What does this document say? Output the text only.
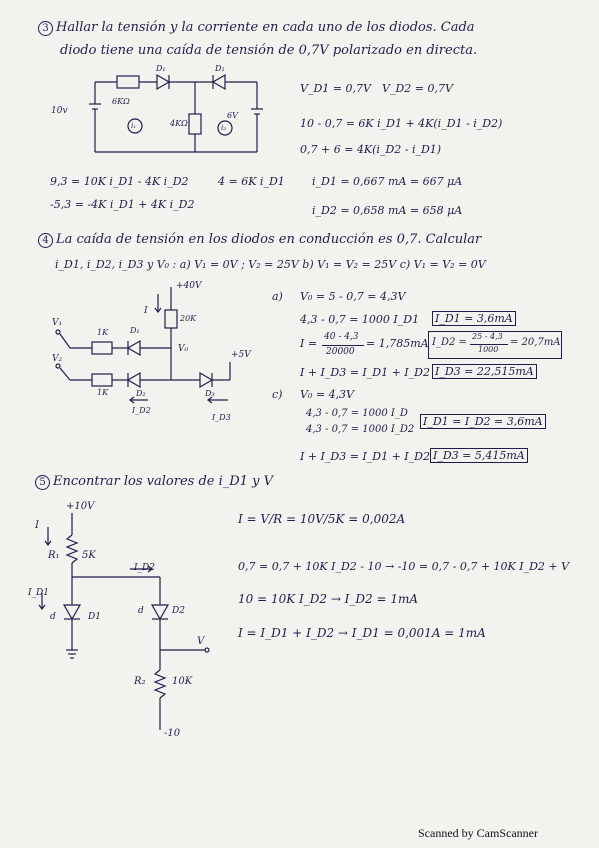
3 Hallar la tensión y la corriente en cada uno de los diodos. Cada
diodo tiene una caída de tensión de 0,7V polarizado en directa.
10v
6KΩ
4KΩ
6V
D₁	D₂
i₁	i₂
V_D1 = 0,7V V_D2 = 0,7V
10 - 0,7 = 6K i_D1 + 4K(i_D1 - i_D2)
0,7 + 6 = 4K(i_D2 - i_D1)
9,3 = 10K i_D1 - 4K i_D2
-5,3 = -4K i_D1 + 4K i_D2
4 = 6K i_D1 i_D1 = 0,667 mA = 667 μA
i_D2 = 0,658 mA = 658 μA
4 La caída de tensión en los diodos en conducción es 0,7. Calcular
i_D1, i_D2, i_D3 y V₀ : a) V₁ = 0V ; V₂ = 25V b) V₁ = V₂ = 25V c) V₁ = V₂ = 0V
+40V
20K
I
V₁
V₂
1K
1K
D₁
D₂	D₃
V₀
+5V
I_D2
I_D3
a) V₀ = 5 - 0,7 = 4,3V
4,3 - 0,7 = 1000 I_D1 I_D1 = 3,6mA
I = 40 - 4,3
20000
= 1,785mA I_D2 =
25 - 4,3
1000
= 20,7mA
I + I_D3 = I_D1 + I_D2 I_D3 = 22,515mA
c) V₀ = 4,3V
4,3 - 0,7 = 1000 I_D
4,3 - 0,7 = 1000 I_D2
I_D1 = I_D2 = 3,6mA
I + I_D3 = I_D1 + I_D2 I_D3 = 5,415mA
5 Encontrar los valores de i_D1 y V
+10V
I
R₁ 5K
I_D1
I_D2
d	D1
d	D2
V
R₂	10K
-10
I = V/R = 10V/5K = 0,002A
0,7 = 0,7 + 10K I_D2 - 10 → -10 = 0,7 - 0,7 + 10K I_D2 + V
10 = 10K I_D2 → I_D2 = 1mA
I = I_D1 + I_D2 → I_D1 = 0,001A = 1mA
Scanned by CamScanner
